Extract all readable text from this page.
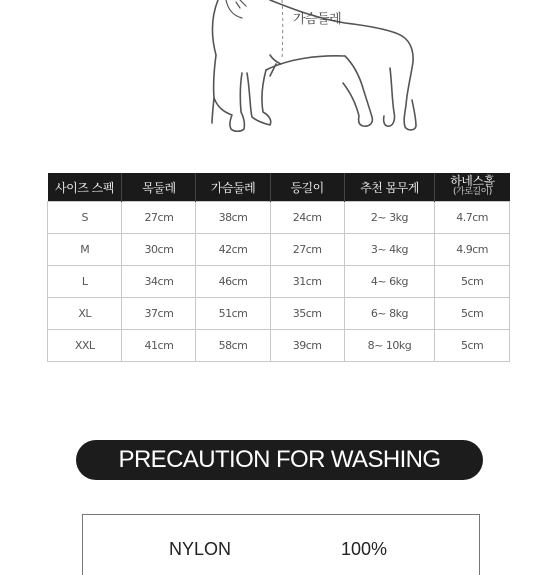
가슴둘레
사이즈 스펙	목둘레	가슴둘레	등길이	추천 몸무게	하네스홀
(가로길이)

S	27cm	38cm	24cm	2~ 3kg	4.7cm
M	30cm	42cm	27cm	3~ 4kg	4.9cm
L	34cm	46cm	31cm	4~ 6kg	5cm
XL	37cm	51cm	35cm	6~ 8kg	5cm
XXL	41cm	58cm	39cm	8~ 10kg	5cm
PRECAUTION FOR WASHING
NYLON	100%
